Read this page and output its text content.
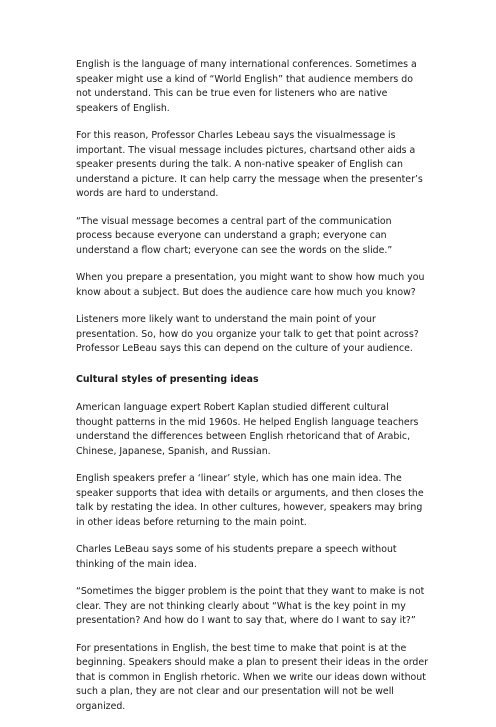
English is the language of many international conferences. Sometimes a speaker might use a kind of “World English” that audience members do not understand. This can be true even for listeners who are native speakers of English.

For this reason, Professor Charles Lebeau says the visualmessage is important. The visual message includes pictures, chartsand other aids a speaker presents during the talk. A non-native speaker of English can understand a picture. It can help carry the message when the presenter’s words are hard to understand.

“The visual message becomes a central part of the communication process because everyone can understand a graph; everyone can understand a flow chart; everyone can see the words on the slide.”

When you prepare a presentation, you might want to show how much you know about a subject. But does the audience care how much you know?

Listeners more likely want to understand the main point of your presentation. So, how do you organize your talk to get that point across? Professor LeBeau says this can depend on the culture of your audience.

Cultural styles of presenting ideas

American language expert Robert Kaplan studied different cultural thought patterns in the mid 1960s. He helped English language teachers understand the differences between English rhetoricand that of Arabic, Chinese, Japanese, Spanish, and Russian.

English speakers prefer a ‘linear’ style, which has one main idea. The speaker supports that idea with details or arguments, and then closes the talk by restating the idea. In other cultures, however, speakers may bring in other ideas before returning to the main point.

Charles LeBeau says some of his students prepare a speech without thinking of the main idea.

“Sometimes the bigger problem is the point that they want to make is not clear. They are not thinking clearly about “What is the key point in my presentation? And how do I want to say that, where do I want to say it?”

For presentations in English, the best time to make that point is at the beginning. Speakers should make a plan to present their ideas in the order that is common in English rhetoric. When we write our ideas down without such a plan, they are not clear and our presentation will not be well organized.
